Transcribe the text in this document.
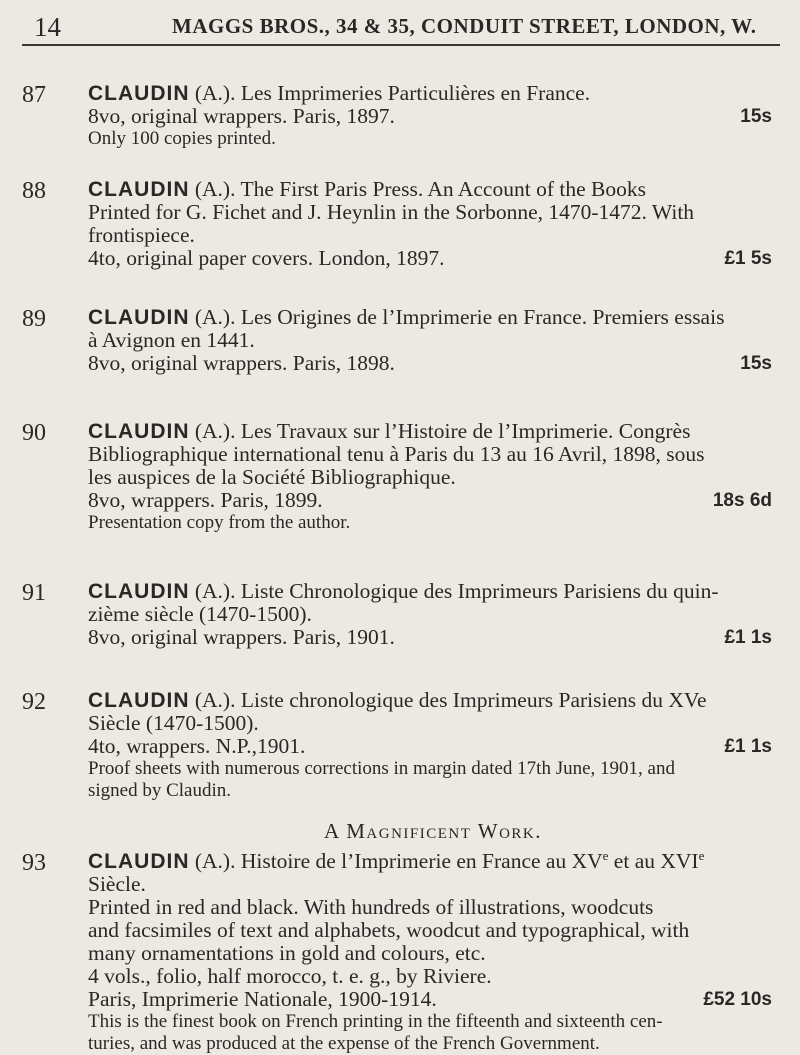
14	MAGGS BROS., 34 & 35, CONDUIT STREET, LONDON, W.
87	CLAUDIN (A.). Les Imprimeries Particulières en France.
8vo, original wrappers. Paris, 1897.	15s
Only 100 copies printed.
88	CLAUDIN (A.). The First Paris Press. An Account of the Books
Printed for G. Fichet and J. Heynlin in the Sorbonne, 1470-1472. With
frontispiece.
4to, original paper covers. London, 1897.	£1 5s
89	CLAUDIN (A.). Les Origines de l’Imprimerie en France. Premiers essais
à Avignon en 1441.
8vo, original wrappers. Paris, 1898.	15s
90	CLAUDIN (A.). Les Travaux sur l’Histoire de l’Imprimerie. Congrès
Bibliographique international tenu à Paris du 13 au 16 Avril, 1898, sous
les auspices de la Société Bibliographique.
8vo, wrappers. Paris, 1899.	18s 6d
Presentation copy from the author.
91	CLAUDIN (A.). Liste Chronologique des Imprimeurs Parisiens du quin-
zième siècle (1470-1500).
8vo, original wrappers. Paris, 1901.	£1 1s
92	CLAUDIN (A.). Liste chronologique des Imprimeurs Parisiens du XVe
Siècle (1470-1500).
4to, wrappers. N.P.,1901.	£1 1s
Proof sheets with numerous corrections in margin dated 17th June, 1901, and
signed by Claudin.
A Magnificent Work.
93	CLAUDIN (A.). Histoire de l’Imprimerie en France au XVe et au XVIe
Siècle.
Printed in red and black. With hundreds of illustrations, woodcuts
and facsimiles of text and alphabets, woodcut and typographical, with
many ornamentations in gold and colours, etc.
4 vols., folio, half morocco, t. e. g., by Riviere.
Paris, Imprimerie Nationale, 1900-1914.	£52 10s
This is the finest book on French printing in the fifteenth and sixteenth cen-
turies, and was produced at the expense of the French Government.
